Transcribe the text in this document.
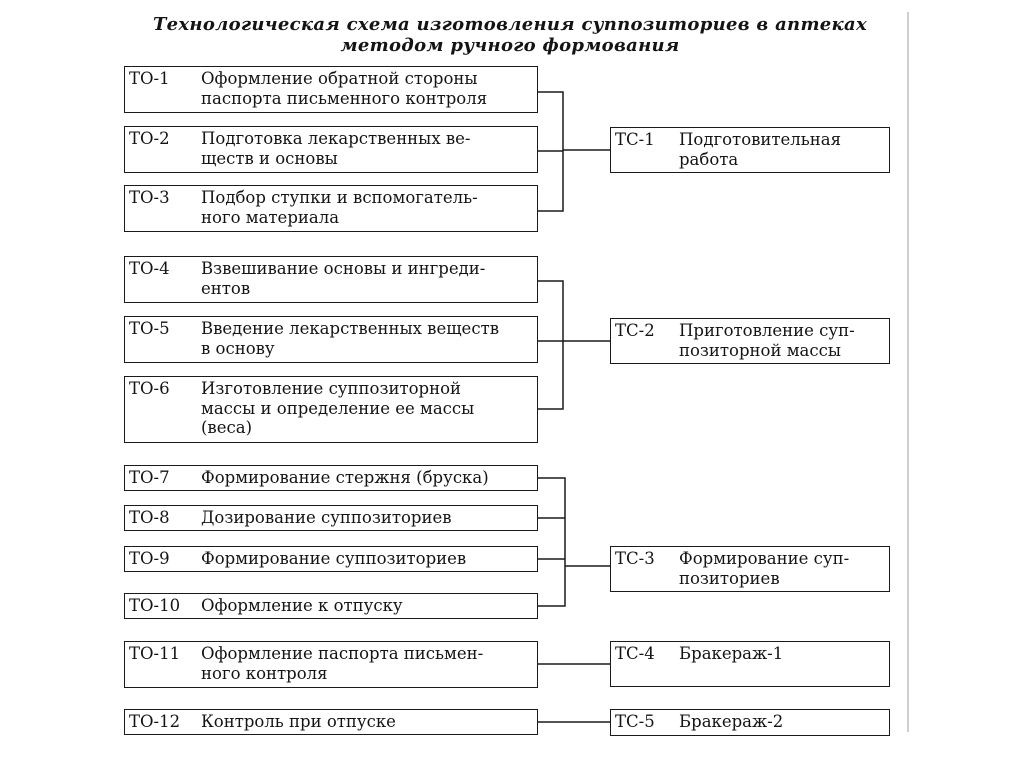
Технологическая схема изготовления суппозиториев в аптеках
методом ручного формования
ТО-1 Оформление обратной стороны
паспорта письменного контроля
ТО-2 Подготовка лекарственных ве-
ществ и основы
ТО-3 Подбор ступки и вспомогатель-
ного материала
ТО-4 Взвешивание основы и ингреди-
ентов
ТО-5 Введение лекарственных веществ
в основу
ТО-6 Изготовление суппозиторной
массы и определение ее массы
(веса)
ТО-7 Формирование стержня (бруска)
ТО-8 Дозирование суппозиториев
ТО-9 Формирование суппозиториев
ТО-10 Оформление к отпуску
ТО-11 Оформление паспорта письмен-
ного контроля
ТО-12 Контроль при отпуске
ТС-1 Подготовительная
работа
ТС-2 Приготовление суп-
позиторной массы
ТС-3 Формирование суп-
позиториев
ТС-4 Бракераж-1
ТС-5 Бракераж-2
